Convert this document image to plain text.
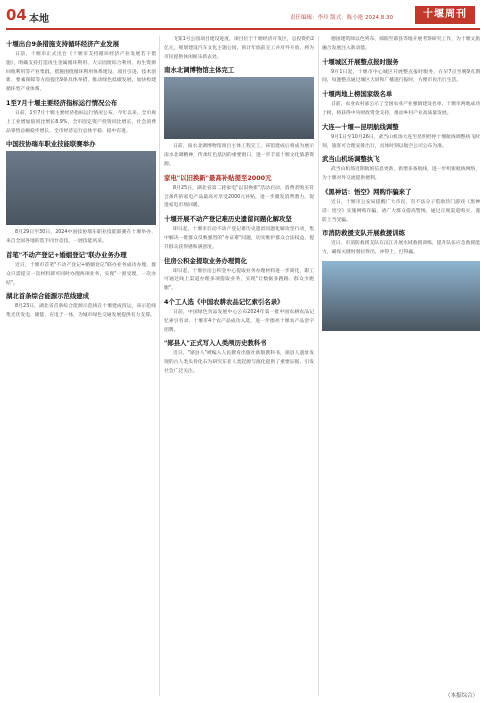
04 本地	责任编辑：李玲 版式：陈小艳 2024.8.30	十堰周刊
十堰出台9条措施支持循环经济产业发展
日前，十堰市正式出台《十堰市支持循环经济产业发展若干措施》，明确支持打造再生金属循环利用、大宗固废综合利用、再生资源回收利用等产业集群。措施围绕循环利用体系建设、项目引进、技术创新、要素保障等方面提出9条具体举措，推动绿色低碳发展，加快构建循环型产业体系。
1至7月十堰主要经济指标运行情况公布
日前，1至7月十堰主要经济指标运行情况公布。今年以来，全市规上工业增加值同比增长8.9%，全市固定资产投资同比增长，社会消费品零售总额稳步增长，全市经济运行总体平稳、稳中有进。
中国技协瑞车职业技能联赛举办
8月29日至30日，2024中国技协瑞车职业技能联赛在十堰举办，来自全国各地的选手同台竞技，一展技能风采。
首笔"不动产登记+婚姻登记"联办业务办理
近日，十堰市首笔"不动产登记+婚姻登记"联办业务成功办理，群众只需提交一次材料即可同时办理两项业务，实现"一窗受理、一次办结"。
湖北首条综合能源示范线建成
8月23日，湖北省首条综合能源示范线在十堰建成投运，该示范线集光伏发电、储能、充电于一体，为城市绿色交通发展提供有力支撑。
飞桨1号公园项目建设进度，项目位于十堰经济开发区，总投资约2亿元，规划建设汽车文化主题公园，预计年底前完工并对外开放，将为市民提供休闲娱乐新去处。
南水北调博物馆主体完工
日前，南水北调博物馆项目主体工程完工，该馆建成后将成为展示南水北调精神、传承红色基因的重要窗口，进一步丰富十堰文化旅游资源。
家电"以旧换新"最高补贴提至2000元
8月25日，湖北省第二轮家电"以旧换新"活动启动，消费者购买符合条件的家电产品最高可享受2000元补贴，进一步激发消费潜力，促进家电市场回暖。
十堰开展不动产登记难历史遗留问题化解攻坚
即日起，十堰市启动不动产登记难历史遗留问题化解攻坚行动，集中解决一批群众反映强烈的"办证难"问题，切实维护群众合法权益，提升群众获得感和满意度。
住房公积金提取业务办理简化
即日起，十堰住房公积金中心提取业务办理材料进一步简化，职工可通过线上渠道办理多项提取业务，实现"让数据多跑路、群众少跑腿"。
4个工人选《中国农耕农品记忆索引名录》
日前，中国绿色食品发展中心公布2024年第一批中国农耕农品记忆索引名录，十堰市4个农产品成功入选，进一步擦亮十堰农产品金字招牌。
"郧县人"正式写入人类颅历史教科书
近日，"郧县人"被编入人民教育出版社新版教科书，郧县人遗址发现的古人类头骨化石为研究东亚人类起源与演化提供了重要证据，引发社会广泛关注。
德国建筑师以色列布，郧阳至郧县等地开展考察研究工作，为十堰文旅融合发展注入新动能。
十堰城区开展整点报时服务
9月1日起，十堰市中心城区开展整点报时服务，在早7点至晚9点期间，每逢整点通过城区大屏和广播进行报时，方便市民出行生活。
十堰两地上榜国家级名单
日前，农业农村部公示了全国农业产业强镇建设名单，十堰市两地成功上榜，将获得中央财政资金支持，推动乡村产业高质量发展。
大连—十堰—昆明航线调整
9月1日至10月26日，武当山机场大连至昆明经停十堰航线调整执飞时刻，旅客可合理安排出行，具体时刻以航空公司公布为准。
武当山机场调整执飞
武当山机场近期航班信息更新，新增多条航线，进一步织密航线网络，为十堰对外交流提供便利。
《黑神话：悟空》网购诈骗来了
近日，十堰市公安局提醒广大市民，有不法分子借助热门游戏《黑神话：悟空》实施网购诈骗，请广大群众提高警惕，通过正规渠道购买，谨防上当受骗。
市消防救援支队开展救援训练
近日，市消防救援支队在汉江开展水域救援训练，提升队伍应急救援能力，确保关键时刻拉得出、冲得上、打得赢。
（本报综合）
